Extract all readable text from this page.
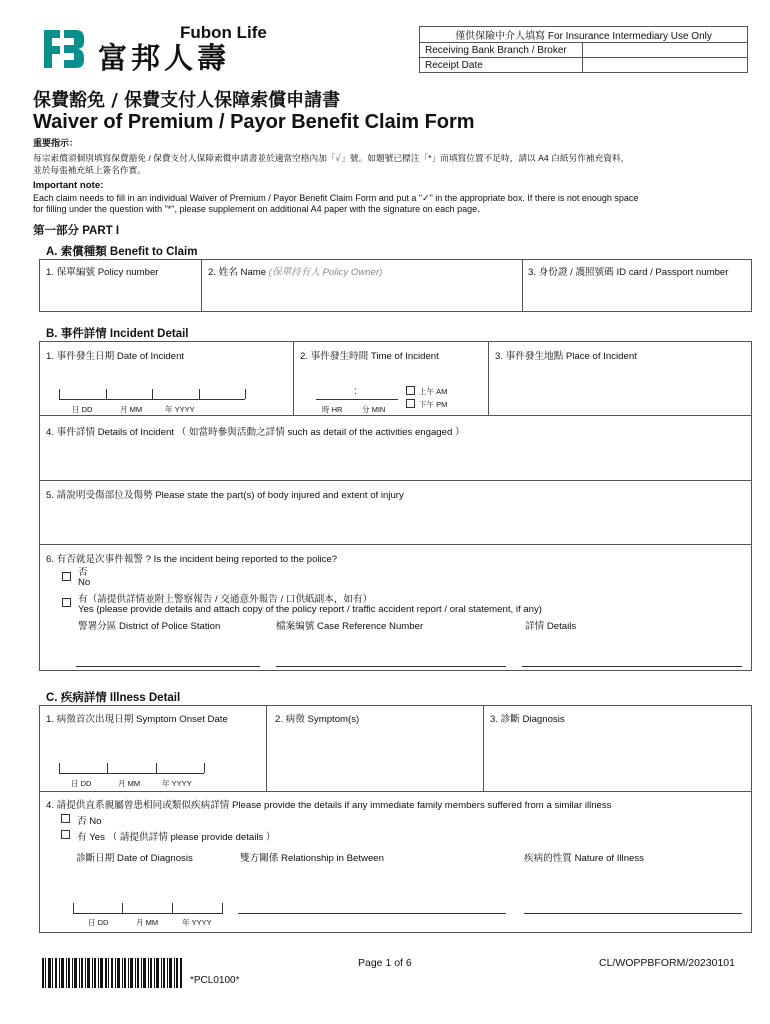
Fubon Life
富邦人壽
僅供保險中介人填寫 For Insurance Intermediary Use Only	
Receiving Bank Branch / Broker	
Receipt Date	
保費豁免 / 保費支付人保障索償申請書
Waiver of Premium / Payor Benefit Claim Form
重要指示：
每宗索償須個別填寫保費豁免 / 保費支付人保障索償申請書並於適當空格內加「✓」號。如題號已標注「*」而填寫位置不足時，請以 A4 白紙另作補充資料，
並於每張補充紙上簽名作實。
Important note:
Each claim needs to fill in an individual Waiver of Premium / Payor Benefit Claim Form and put a "✓" in the appropriate box. If there is not enough space
for filling under the question with "*", please supplement on additional A4 paper with the signature on each page.
第一部分 PART I
A. 索償種類 Benefit to Claim
1. 保單編號 Policy number	2. 姓名 Name (保單持有人 Policy Owner)	3. 身份證 / 護照號碼 ID card / Passport number
B. 事件詳情 Incident Detail
1. 事件發生日期 Date of Incident	2. 事件發生時間 Time of Incident	3. 事件發生地點 Place of Incident
日 DD	月 MM	年 YYYY
:
時 HR	分 MIN
上午 AM
下午 PM
4. 事件詳情 Details of Incident （ 如當時參與活動之詳情 such as detail of the activities engaged ）
5. 請說明受傷部位及傷勢 Please state the part(s) of body injured and extent of injury
6. 有否就是次事件報警 ? Is the incident being reported to the police?
否
No
有（請提供詳情並附上警察報告 / 交通意外報告 / 口供紙副本，如有）
Yes (please provide details and attach copy of the policy report / traffic accident report / oral statement, if any)
警署分區 District of Police Station	檔案編號 Case Reference Number	詳情 Details
C. 疾病詳情 Illness Detail
1. 病徵首次出現日期 Symptom Onset Date	2. 病徵 Symptom(s)	3. 診斷 Diagnosis
日 DD	月 MM	年 YYYY
4. 請提供直系親屬曾患相同或類似疾病詳情 Please provide the details if any immediate family members suffered from a similar illness
否 No
有 Yes （ 請提供詳情 please provide details ）
診斷日期 Date of Diagnosis	雙方關係 Relationship in Between	疾病的性質 Nature of Illness
日 DD	月 MM	年 YYYY
*PCL0100*
Page 1 of 6	CL/WOPPBFORM/20230101
